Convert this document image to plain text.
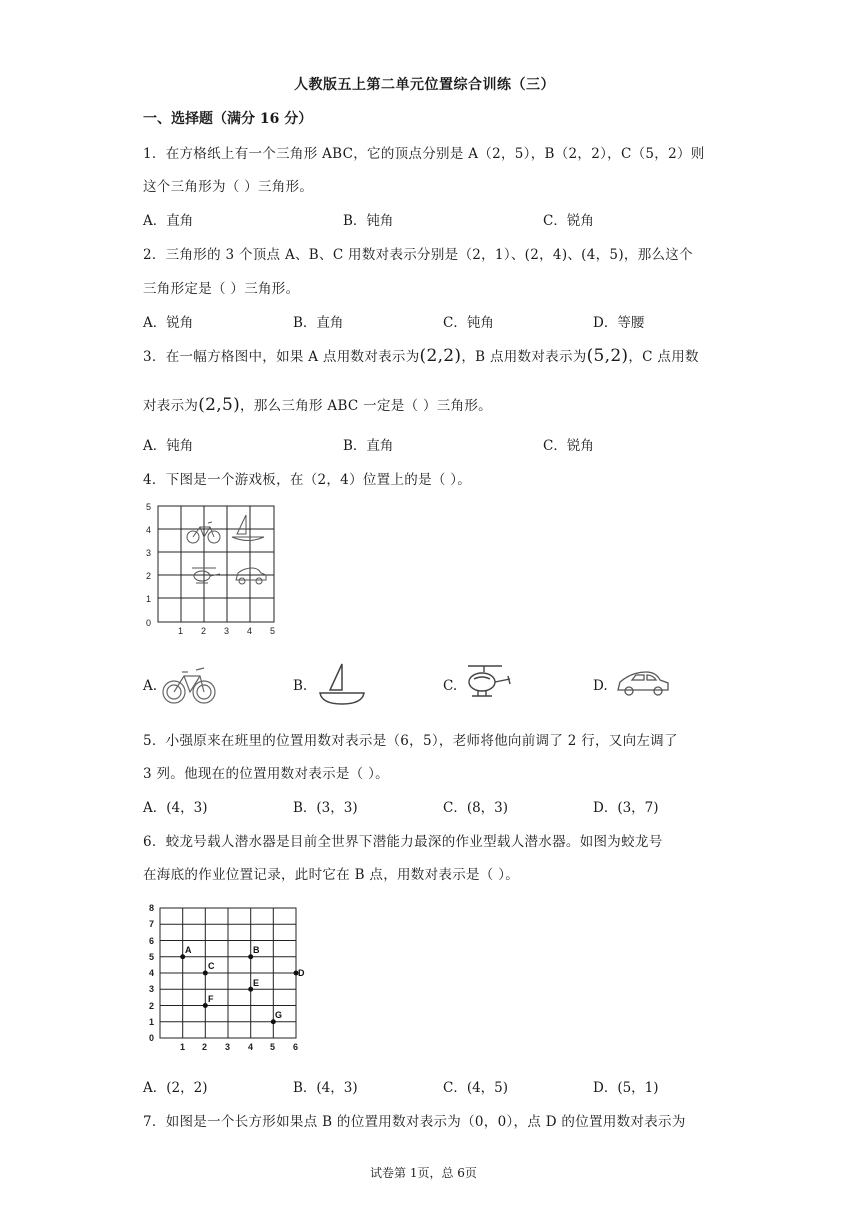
人教版五上第二单元位置综合训练（三）
一、选择题（满分 16 分）
1．在方格纸上有一个三角形 ABC，它的顶点分别是 A（2，5），B（2，2），C（5，2）则
这个三角形为（ ）三角形。
A．直角	B．钝角	C．锐角
2．三角形的 3 个顶点 A、B、C 用数对表示分别是（2，1）、(2，4)、(4，5)，那么这个
三角形定是（ ）三角形。
A．锐角	B．直角	C．钝角	D．等腰
3．在一幅方格图中，如果 A 点用数对表示为(2,2)，B 点用数对表示为(5,2)，C 点用数
对表示为(2,5)，那么三角形 ABC 一定是（ ）三角形。
A．钝角	B．直角	C．锐角
4．下图是一个游戏板，在（2，4）位置上的是（ ）。
5
4
3
2
1
0
1 2 3 4 5
A.	B.	C.	D.
5．小强原来在班里的位置用数对表示是（6，5），老师将他向前调了 2 行，又向左调了
3 列。他现在的位置用数对表示是（ ）。
A．(4，3)	B．(3，3)	C．(8，3)	D．(3，7)
6．蛟龙号载人潜水器是目前全世界下潜能力最深的作业型载人潜水器。如图为蛟龙号
在海底的作业位置记录，此时它在 B 点，用数对表示是（ ）。
8
7
6
5
4
3
2
1
0
1 2 3 4 5 6
A	B
C
D
E
F
G
A．(2，2)	B．(4，3)	C．(4，5)	D．(5，1)
7．如图是一个长方形如果点 B 的位置用数对表示为（0，0），点 D 的位置用数对表示为
试卷第 1页，总 6页
